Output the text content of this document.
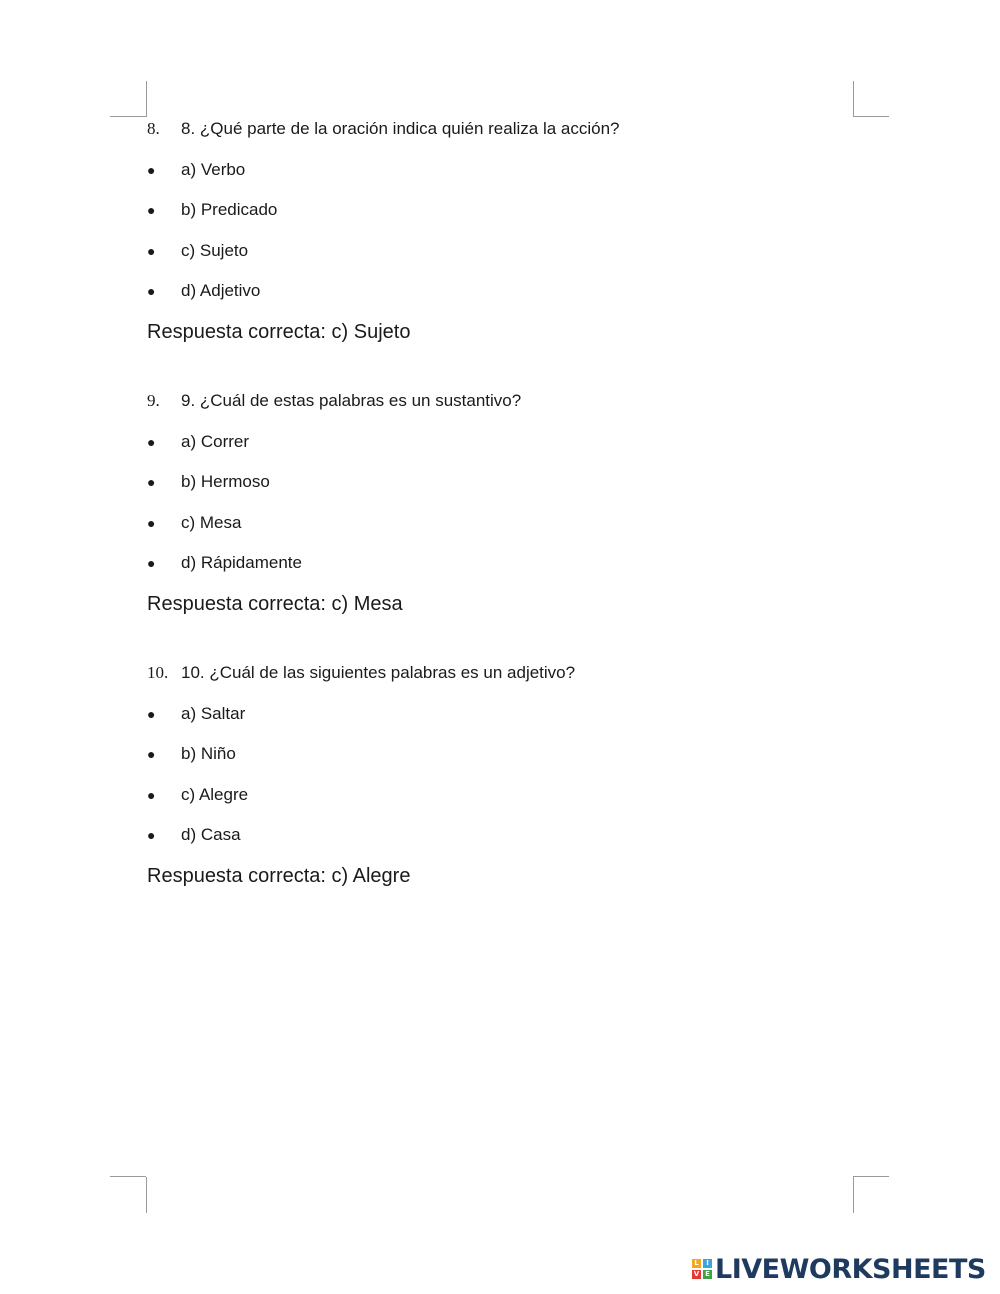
8. 8. ¿Qué parte de la oración indica quién realiza la acción?
● a) Verbo
● b) Predicado
● c) Sujeto
● d) Adjetivo
Respuesta correcta: c) Sujeto
9. 9. ¿Cuál de estas palabras es un sustantivo?
● a) Correr
● b) Hermoso
● c) Mesa
● d) Rápidamente
Respuesta correcta: c) Mesa
10. 10. ¿Cuál de las siguientes palabras es un adjetivo?
● a) Saltar
● b) Niño
● c) Alegre
● d) Casa
Respuesta correcta: c) Alegre
L	I
V E LIVEWORKSHEETS
